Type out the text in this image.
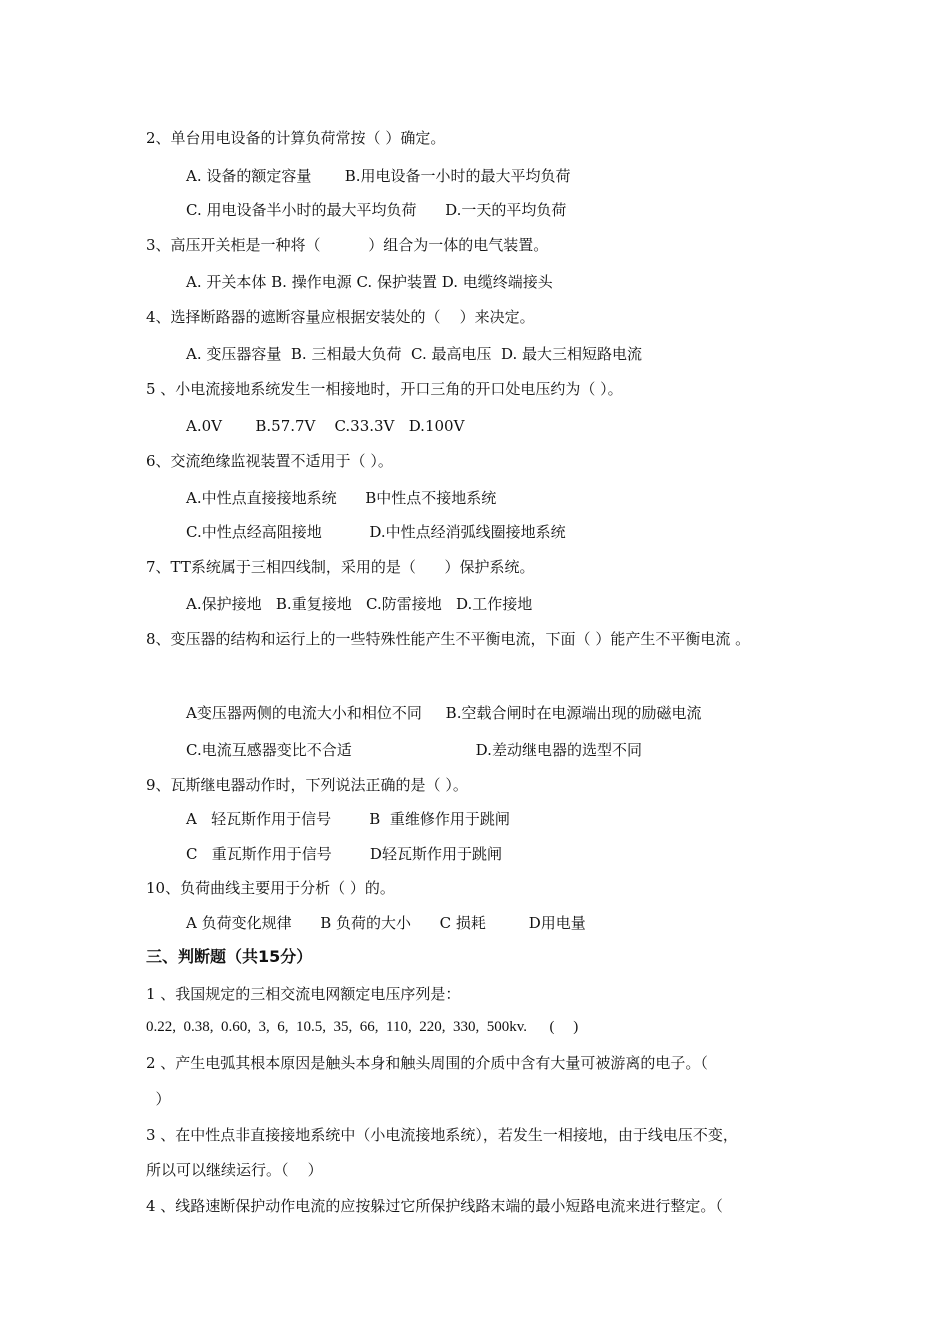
2、单台用电设备的计算负荷常按（ ）确定。
A. 设备的额定容量       B.用电设备一小时的最大平均负荷
C. 用电设备半小时的最大平均负荷      D.一天的平均负荷
3、高压开关柜是一种将（          ）组合为一体的电气装置。
A. 开关本体 B. 操作电源 C. 保护装置 D. 电缆终端接头
4、选择断路器的遮断容量应根据安装处的（    ）来决定。
A. 变压器容量  B. 三相最大负荷  C. 最高电压  D. 最大三相短路电流
5 、小电流接地系统发生一相接地时，开口三角的开口处电压约为（ ）。
A.0V       B.57.7V    C.33.3V   D.100V
6、交流绝缘监视装置不适用于（ ）。
A.中性点直接接地系统      B中性点不接地系统
C.中性点经高阻接地          D.中性点经消弧线圈接地系统
7、TT系统属于三相四线制，采用的是（      ）保护系统。
A.保护接地   B.重复接地   C.防雷接地   D.工作接地
8、变压器的结构和运行上的一些特殊性能产生不平衡电流，下面（ ）能产生不平衡电流 。
A变压器两侧的电流大小和相位不同     B.空载合闸时在电源端出现的励磁电流
C.电流互感器变比不合适                          D.差动继电器的选型不同
9、瓦斯继电器动作时，下列说法正确的是（ ）。
A   轻瓦斯作用于信号        B  重维修作用于跳闸
C   重瓦斯作用于信号        D轻瓦斯作用于跳闸
10、负荷曲线主要用于分析（ ）的。
A 负荷变化规律      B 负荷的大小      C 损耗         D用电量
三、判断题（共15分）
1 、我国规定的三相交流电网额定电压序列是：
0.22,  0.38,  0.60,  3,  6,  10.5,  35,  66,  110,  220,  330,  500kv.      (     )
2 、产生电弧其根本原因是触头本身和触头周围的介质中含有大量可被游离的电子。（
）
3 、在中性点非直接接地系统中（小电流接地系统），若发生一相接地，由于线电压不变，
所以可以继续运行。（    ）
4 、线路速断保护动作电流的应按躲过它所保护线路末端的最小短路电流来进行整定。（
